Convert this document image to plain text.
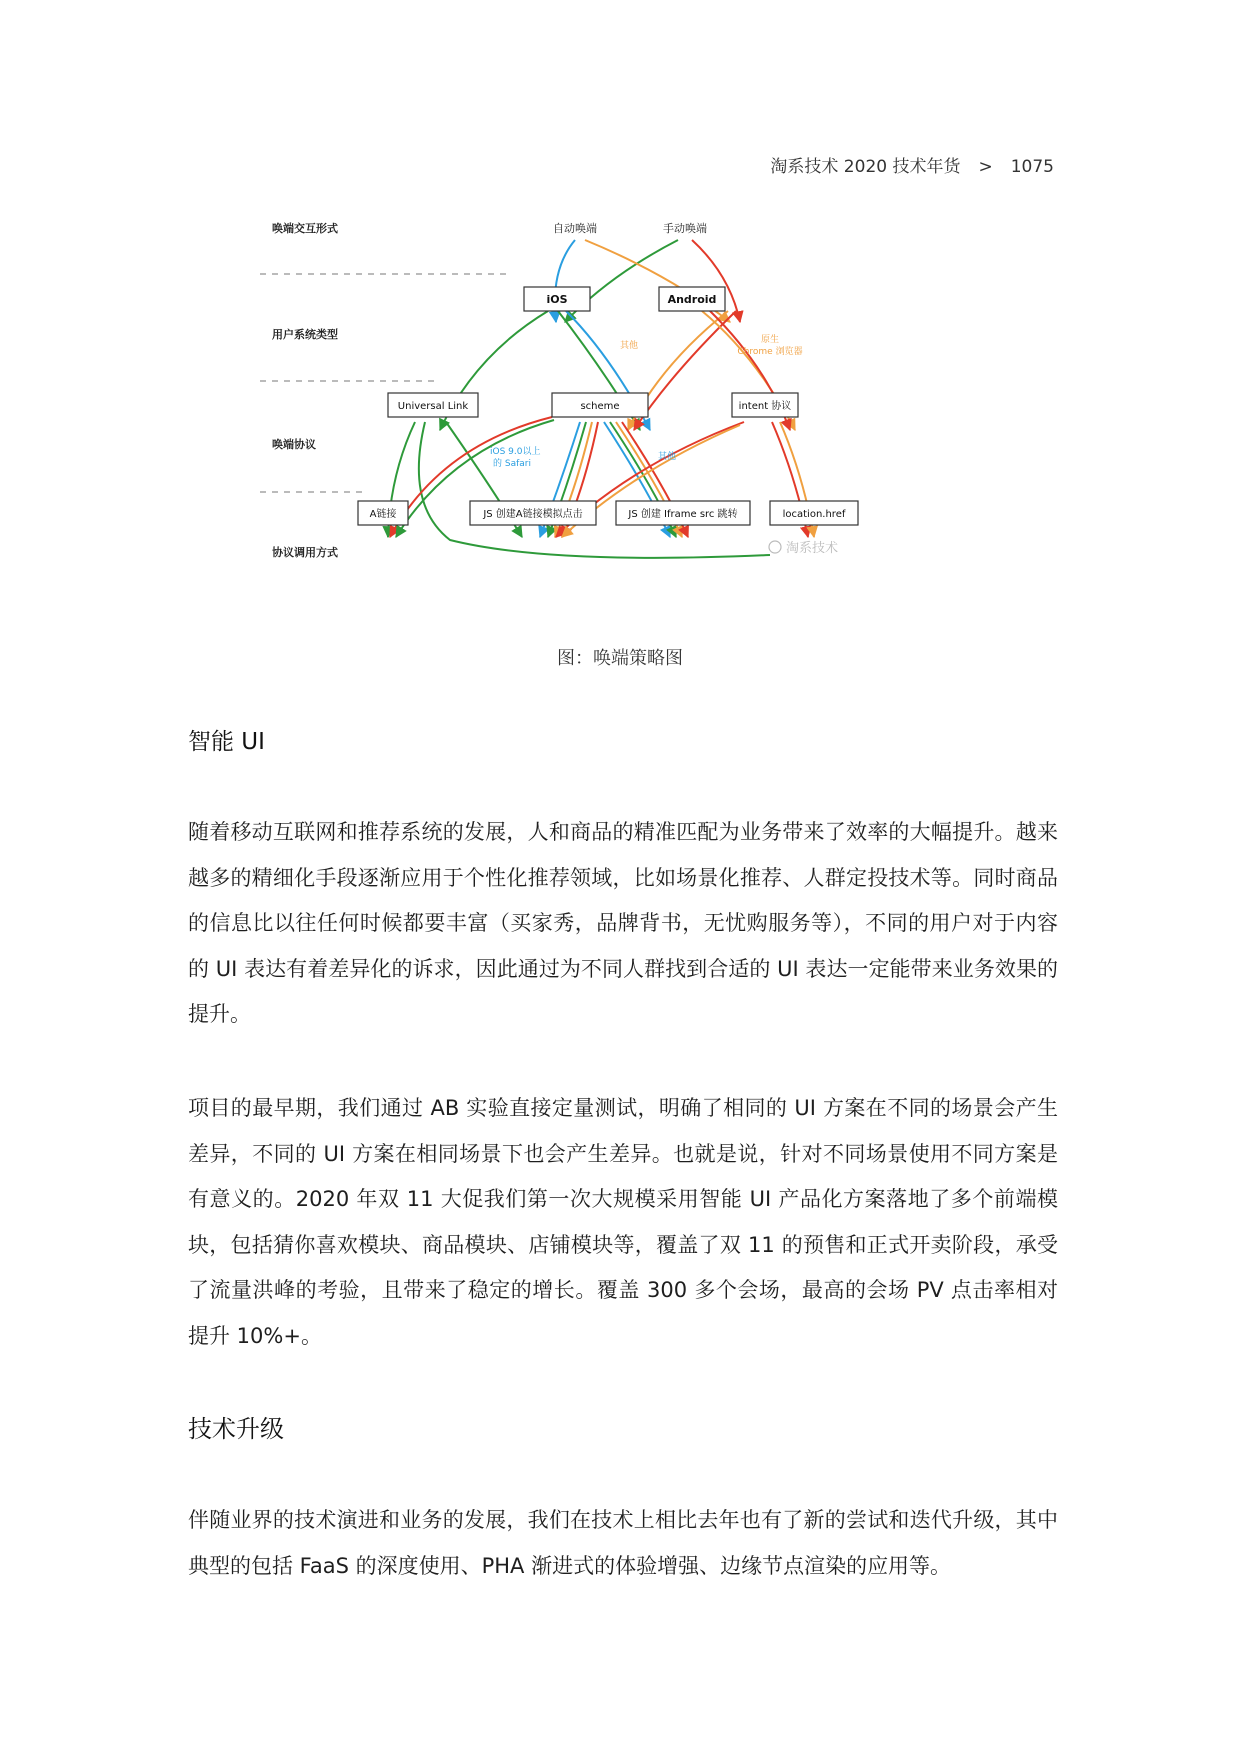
淘系技术 2020 技术年货 > 1075
唤端交互形式
用户系统类型
唤端协议
协议调用方式
自动唤端	手动唤端
其他
原生
Chrome 浏览器
iOS 9.0以上
的 Safari
其他
iOS	Android
Universal Link	scheme	intent 协议
A链接	JS 创建A链接模拟点击	JS 创建 Iframe src 跳转	location.href
淘系技术
图：唤端策略图
智能 UI
随着移动互联网和推荐系统的发展，人和商品的精准匹配为业务带来了效率的大幅提升。越来越多的精细化手段逐渐应用于个性化推荐领域，比如场景化推荐、人群定投技术等。同时商品的信息比以往任何时候都要丰富（买家秀，品牌背书，无忧购服务等），不同的用户对于内容的 UI 表达有着差异化的诉求，因此通过为不同人群找到合适的 UI 表达一定能带来业务效果的提升。
项目的最早期，我们通过 AB 实验直接定量测试，明确了相同的 UI 方案在不同的场景会产生差异，不同的 UI 方案在相同场景下也会产生差异。也就是说，针对不同场景使用不同方案是有意义的。2020 年双 11 大促我们第一次大规模采用智能 UI 产品化方案落地了多个前端模块，包括猜你喜欢模块、商品模块、店铺模块等，覆盖了双 11 的预售和正式开卖阶段，承受了流量洪峰的考验，且带来了稳定的增长。覆盖 300 多个会场，最高的会场 PV 点击率相对提升 10%+。
技术升级
伴随业界的技术演进和业务的发展，我们在技术上相比去年也有了新的尝试和迭代升级，其中典型的包括 FaaS 的深度使用、PHA 渐进式的体验增强、边缘节点渲染的应用等。
